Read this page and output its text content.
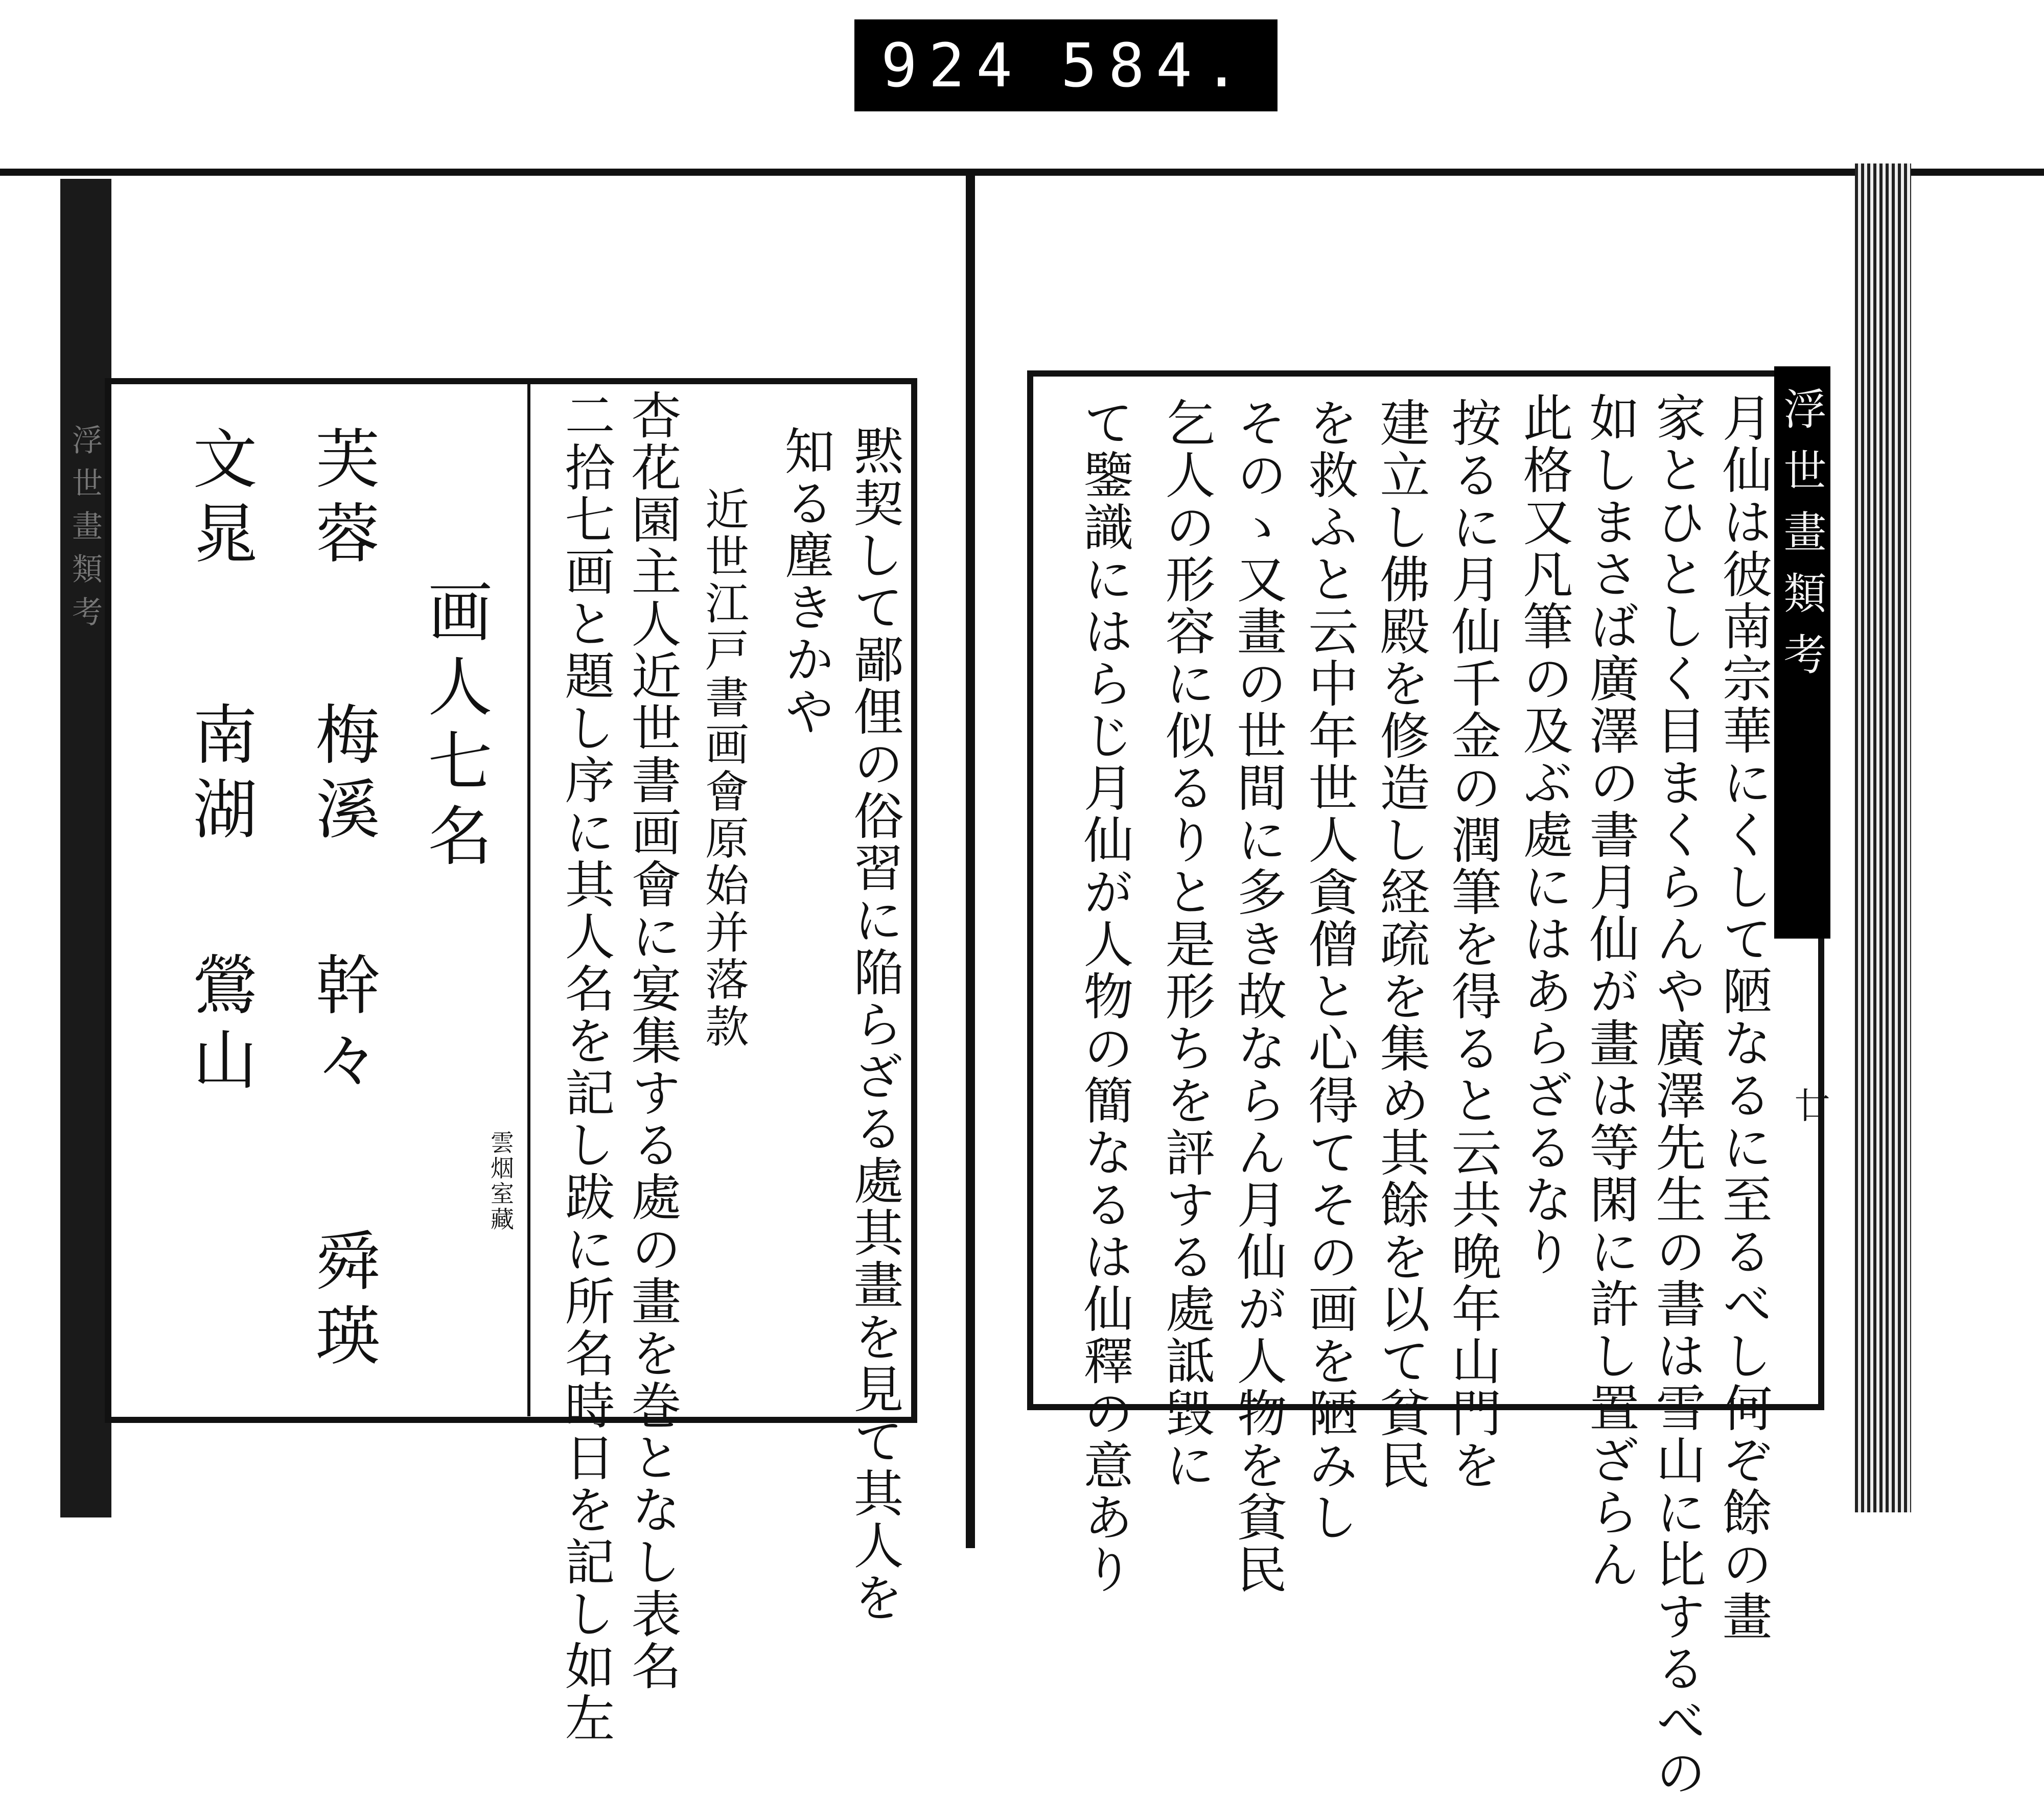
924 584.
浮世畫類考	浮世畫類考
廿
月仙は彼南宗華にくして陋なるに至るべし何ぞ餘の畫
家とひとしく目まくらんや廣澤先生の書は雪山に比するべの
如しまさば廣澤の書月仙が畫は等閑に許し置ざらん
此格又凡筆の及ぶ處にはあらざるなり
按るに月仙千金の潤筆を得ると云共晩年山門を
建立し佛殿を修造し経疏を集め其餘を以て貧民
を救ふと云中年世人貪僧と心得てその画を陋みし
そのゝ又畫の世間に多き故ならん月仙が人物を貧民
乞人の形容に似るりと是形ちを評する處詆毀に
て鑒識にはらじ月仙が人物の簡なるは仙釋の意あり
黙契して鄙俚の俗習に陥らざる處其畫を見て其人を
知る塵きかや
近世江戸書画會原始并落款
杏花園主人近世書画會に宴集する處の畫を巻となし表名
二拾七画と題し序に其人名を記し跋に所名時日を記し如左
雲烟室藏
画人七名
芙蓉
梅溪
幹々
舜瑛
文晁
南湖
鶯山
